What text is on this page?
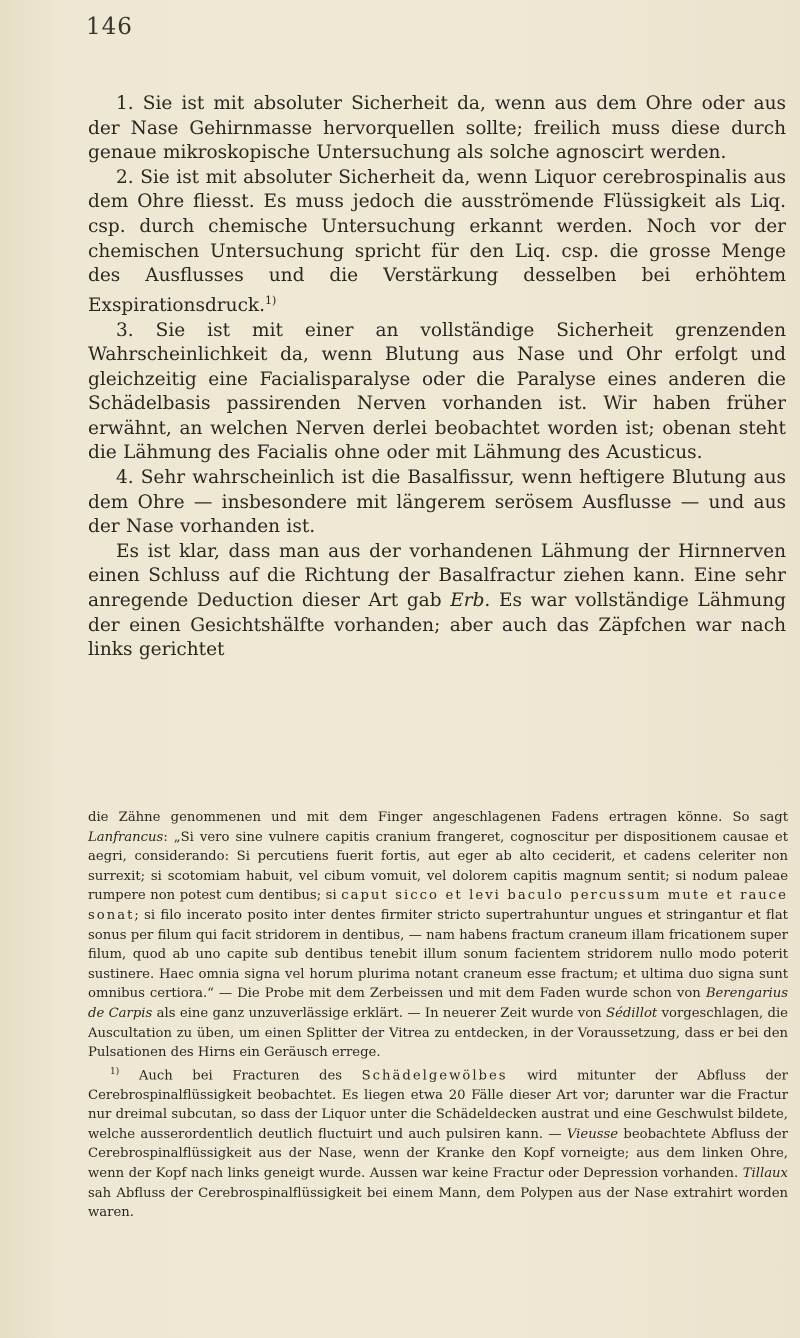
146

1. Sie ist mit absoluter Sicherheit da, wenn aus dem Ohre oder aus der Nase Gehirnmasse hervorquellen sollte; freilich muss diese durch genaue mikroskopische Untersuchung als solche agnoscirt werden.

2. Sie ist mit absoluter Sicherheit da, wenn Liquor cerebrospinalis aus dem Ohre fliesst. Es muss jedoch die ausströmende Flüssigkeit als Liq. csp. durch chemische Untersuchung erkannt werden. Noch vor der chemischen Untersuchung spricht für den Liq. csp. die grosse Menge des Ausflusses und die Verstärkung desselben bei erhöhtem Exspirationsdruck.$^{1)}$

3. Sie ist mit einer an vollständige Sicherheit grenzenden Wahrscheinlichkeit da, wenn Blutung aus Nase und Ohr erfolgt und gleichzeitig eine Facialisparalyse oder die Paralyse eines anderen die Schädelbasis passirenden Nerven vorhanden ist. Wir haben früher erwähnt, an welchen Nerven derlei beobachtet worden ist; obenan steht die Lähmung des Facialis ohne oder mit Lähmung des Acusticus.

4. Sehr wahrscheinlich ist die Basalfissur, wenn heftigere Blutung aus dem Ohre — insbesondere mit längerem serösem Ausflusse — und aus der Nase vorhanden ist.

Es ist klar, dass man aus der vorhandenen Lähmung der Hirnnerven einen Schluss auf die Richtung der Basalfractur ziehen kann. Eine sehr anregende Deduction dieser Art gab Erb. Es war vollständige Lähmung der einen Gesichtshälfte vorhanden; aber auch das Zäpfchen war nach links gerichtet

die Zähne genommenen und mit dem Finger angeschlagenen Fadens ertragen könne. So sagt Lanfrancus: „Si vero sine vulnere capitis cranium frangeret, cognoscitur per dispositionem causae et aegri, considerando: Si percutiens fuerit fortis, aut eger ab alto ceciderit, et cadens celeriter non surrexit; si scotomiam habuit, vel cibum vomuit, vel dolorem capitis magnum sentit; si nodum paleae rumpere non potest cum dentibus; si caput sicco et levi baculo percussum mute et rauce sonat; si filo incerato posito inter dentes firmiter stricto supertrahuntur ungues et stringantur et flat sonus per filum qui facit stridorem in dentibus, — nam habens fractum craneum illam fricationem super filum, quod ab uno capite sub dentibus tenebit illum sonum facientem stridorem nullo modo poterit sustinere. Haec omnia signa vel horum plurima notant craneum esse fractum; et ultima duo signa sunt omnibus certiora.“ — Die Probe mit dem Zerbeissen und mit dem Faden wurde schon von Berengarius de Carpis als eine ganz unzuverlässige erklärt. — In neuerer Zeit wurde von Sédillot vorgeschlagen, die Auscultation zu üben, um einen Splitter der Vitrea zu entdecken, in der Voraussetzung, dass er bei den Pulsationen des Hirns ein Geräusch errege.

$^{1)}$ Auch bei Fracturen des Schädelgewölbes wird mitunter der Abfluss der Cerebrospinalflüssigkeit beobachtet. Es liegen etwa 20 Fälle dieser Art vor; darunter war die Fractur nur dreimal subcutan, so dass der Liquor unter die Schädeldecken austrat und eine Geschwulst bildete, welche ausserordentlich deutlich fluctuirt und auch pulsiren kann. — Vieusse beobachtete Abfluss der Cerebrospinalflüssigkeit aus der Nase, wenn der Kranke den Kopf vorneigte; aus dem linken Ohre, wenn der Kopf nach links geneigt wurde. Aussen war keine Fractur oder Depression vorhanden. Tillaux sah Abfluss der Cerebrospinalflüssigkeit bei einem Mann, dem Polypen aus der Nase extrahirt worden waren.
